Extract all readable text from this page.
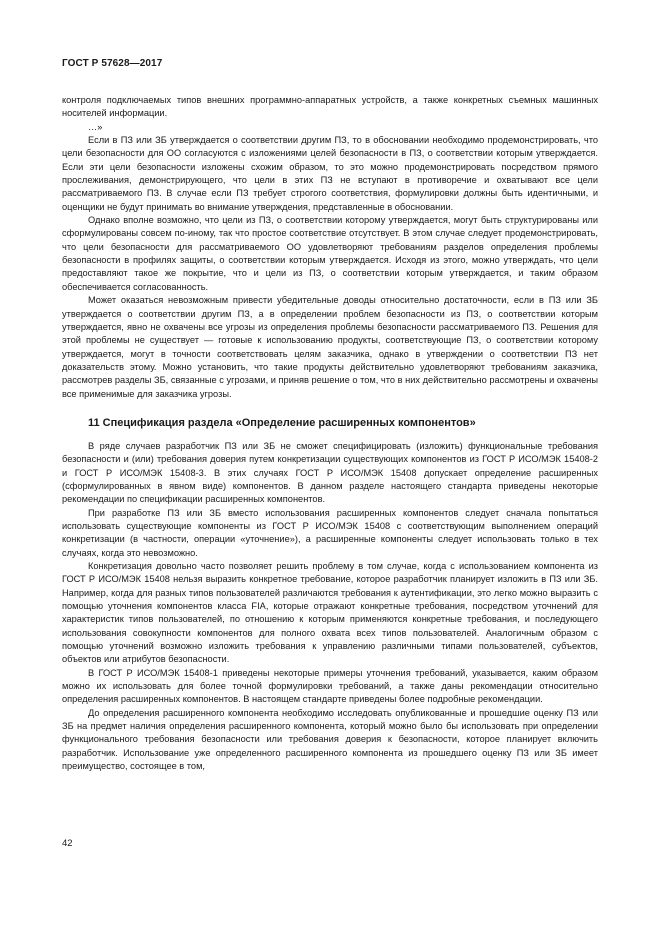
ГОСТ Р 57628—2017

контроля подключаемых типов внешних программно-аппаратных устройств, а также конкретных съемных машинных носителей информации.

…»

Если в ПЗ или ЗБ утверждается о соответствии другим ПЗ, то в обосновании необходимо продемонстрировать, что цели безопасности для ОО согласуются с изложениями целей безопасности в ПЗ, о соответствии которым утверждается. Если эти цели безопасности изложены схожим образом, то это можно продемонстрировать посредством прямого прослеживания, демонстрирующего, что цели в этих ПЗ не вступают в противоречие и охватывают все цели рассматриваемого ПЗ. В случае если ПЗ требует строгого соответствия, формулировки должны быть идентичными, и оценщики не будут принимать во внимание утверждения, представленные в обосновании.

Однако вполне возможно, что цели из ПЗ, о соответствии которому утверждается, могут быть структурированы или сформулированы совсем по-иному, так что простое соответствие отсутствует. В этом случае следует продемонстрировать, что цели безопасности для рассматриваемого ОО удовлетворяют требованиям разделов определения проблемы безопасности в профилях защиты, о соответствии которым утверждается. Исходя из этого, можно утверждать, что цели предоставляют такое же покрытие, что и цели из ПЗ, о соответствии которым утверждается, и таким образом обеспечивается согласованность.

Может оказаться невозможным привести убедительные доводы относительно достаточности, если в ПЗ или ЗБ утверждается о соответствии другим ПЗ, а в определении проблем безопасности из ПЗ, о соответствии которым утверждается, явно не охвачены все угрозы из определения проблемы безопасности рассматриваемого ПЗ. Решения для этой проблемы не существует — готовые к использованию продукты, соответствующие ПЗ, о соответствии которому утверждается, могут в точности соответствовать целям заказчика, однако в утверждении о соответствии ПЗ нет доказательств этому. Можно установить, что такие продукты действительно удовлетворяют требованиям заказчика, рассмотрев разделы ЗБ, связанные с угрозами, и приняв решение о том, что в них действительно рассмотрены и охвачены все применимые для заказчика угрозы.

11 Спецификация раздела «Определение расширенных компонентов»

В ряде случаев разработчик ПЗ или ЗБ не сможет специфицировать (изложить) функциональные требования безопасности и (или) требования доверия путем конкретизации существующих компонентов из ГОСТ Р ИСО/МЭК 15408-2 и ГОСТ Р ИСО/МЭК 15408-3. В этих случаях ГОСТ Р ИСО/МЭК 15408 допускает определение расширенных (сформулированных в явном виде) компонентов. В данном разделе настоящего стандарта приведены некоторые рекомендации по спецификации расширенных компонентов.

При разработке ПЗ или ЗБ вместо использования расширенных компонентов следует сначала попытаться использовать существующие компоненты из ГОСТ Р ИСО/МЭК 15408 с соответствующим выполнением операций конкретизации (в частности, операции «уточнение»), а расширенные компоненты следует использовать только в тех случаях, когда это невозможно.

Конкретизация довольно часто позволяет решить проблему в том случае, когда с использованием компонента из ГОСТ Р ИСО/МЭК 15408 нельзя выразить конкретное требование, которое разработчик планирует изложить в ПЗ или ЗБ. Например, когда для разных типов пользователей различаются требования к аутентификации, это легко можно выразить с помощью уточнения компонентов класса FIA, которые отражают конкретные требования, посредством уточнений для характеристик типов пользователей, по отношению к которым применяются конкретные требования, и последующего использования совокупности компонентов для полного охвата всех типов пользователей. Аналогичным образом с помощью уточнений возможно изложить требования к управлению различными типами пользователей, субъектов, объектов или атрибутов безопасности.

В ГОСТ Р ИСО/МЭК 15408-1 приведены некоторые примеры уточнения требований, указывается, каким образом можно их использовать для более точной формулировки требований, а также даны рекомендации относительно определения расширенных компонентов. В настоящем стандарте приведены более подробные рекомендации.

До определения расширенного компонента необходимо исследовать опубликованные и прошедшие оценку ПЗ или ЗБ на предмет наличия определения расширенного компонента, который можно было бы использовать при определении функционального требования безопасности или требования доверия к безопасности, которое планирует включить разработчик. Использование уже определенного расширенного компонента из прошедшего оценку ПЗ или ЗБ имеет преимущество, состоящее в том,

42
